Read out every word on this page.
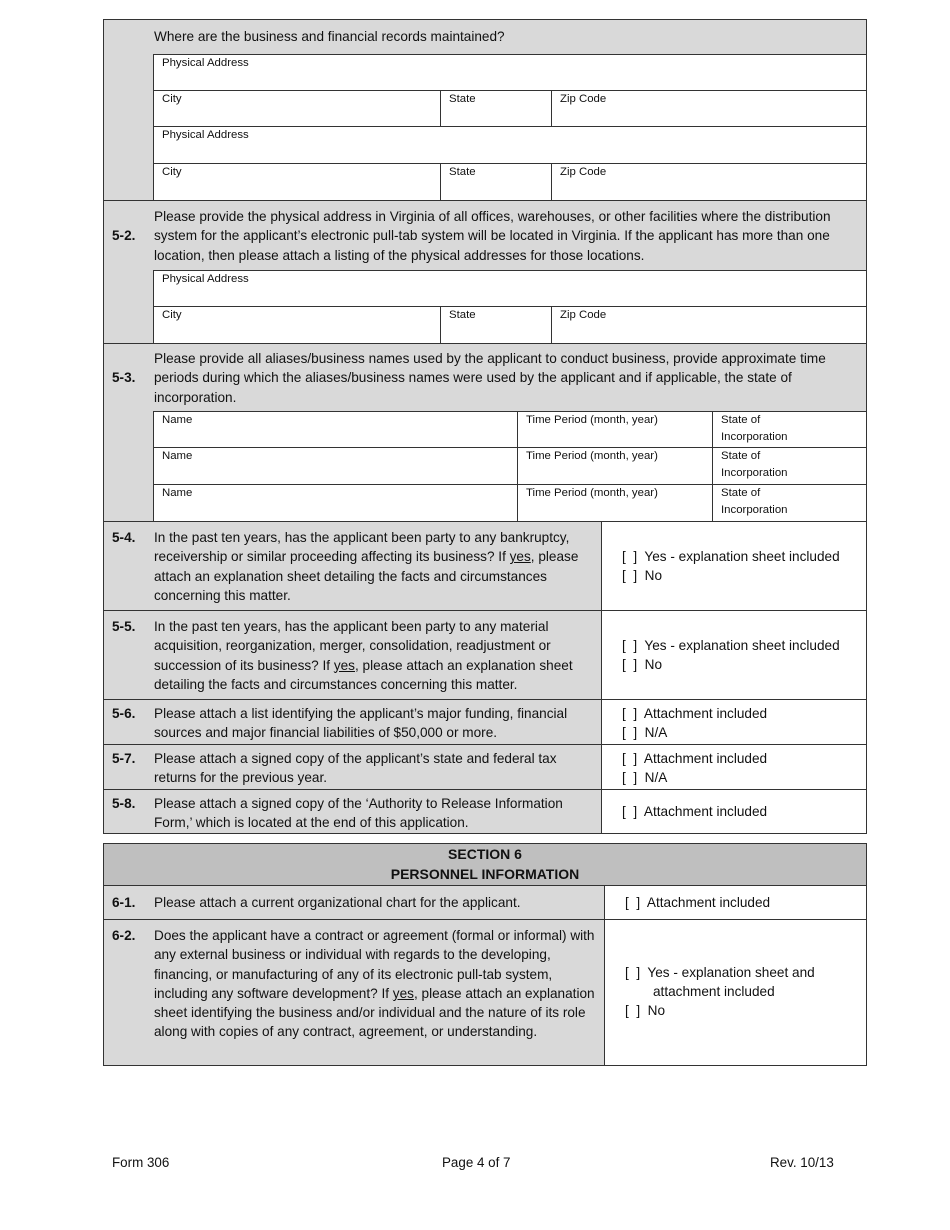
Where are the business and financial records maintained?
Physical Address
City	State	Zip Code
Physical Address
City	State	Zip Code
5-2.
Please provide the physical address in Virginia of all offices, warehouses, or other facilities where the distribution system for the applicant’s electronic pull-tab system will be located in Virginia. If the applicant has more than one location, then please attach a listing of the physical addresses for those locations.
Physical Address
City	State	Zip Code
5-3.
Please provide all aliases/business names used by the applicant to conduct business, provide approximate time periods during which the aliases/business names were used by the applicant and if applicable, the state of incorporation.
Name	Time Period (month, year)	State of Incorporation
Name	Time Period (month, year)	State of Incorporation
Name	Time Period (month, year)	State of Incorporation
5-4. In the past ten years, has the applicant been party to any bankruptcy, receivership or similar proceeding affecting its business? If yes, please attach an explanation sheet detailing the facts and circumstances concerning this matter.
[  ]  Yes - explanation sheet included
[  ]  No
5-5. In the past ten years, has the applicant been party to any material acquisition, reorganization, merger, consolidation, readjustment or succession of its business? If yes, please attach an explanation sheet detailing the facts and circumstances concerning this matter.
[  ]  Yes - explanation sheet included
[  ]  No
5-6. Please attach a list identifying the applicant’s major funding, financial sources and major financial liabilities of $50,000 or more.
[  ]  Attachment included
[  ]  N/A
5-7. Please attach a signed copy of the applicant’s state and federal tax returns for the previous year.
[  ]  Attachment included
[  ]  N/A
5-8. Please attach a signed copy of the ‘Authority to Release Information Form,’ which is located at the end of this application.
[  ]  Attachment included
SECTION 6
PERSONNEL INFORMATION
6-1. Please attach a current organizational chart for the applicant.	[  ]  Attachment included
6-2. Does the applicant have a contract or agreement (formal or informal) with any external business or individual with regards to the developing, financing, or manufacturing of any of its electronic pull-tab system, including any software development? If yes, please attach an explanation sheet identifying the business and/or individual and the nature of its role along with copies of any contract, agreement, or understanding.
[  ]  Yes - explanation sheet and
attachment included
[  ]  No
Form 306	Page 4 of 7	Rev. 10/13
